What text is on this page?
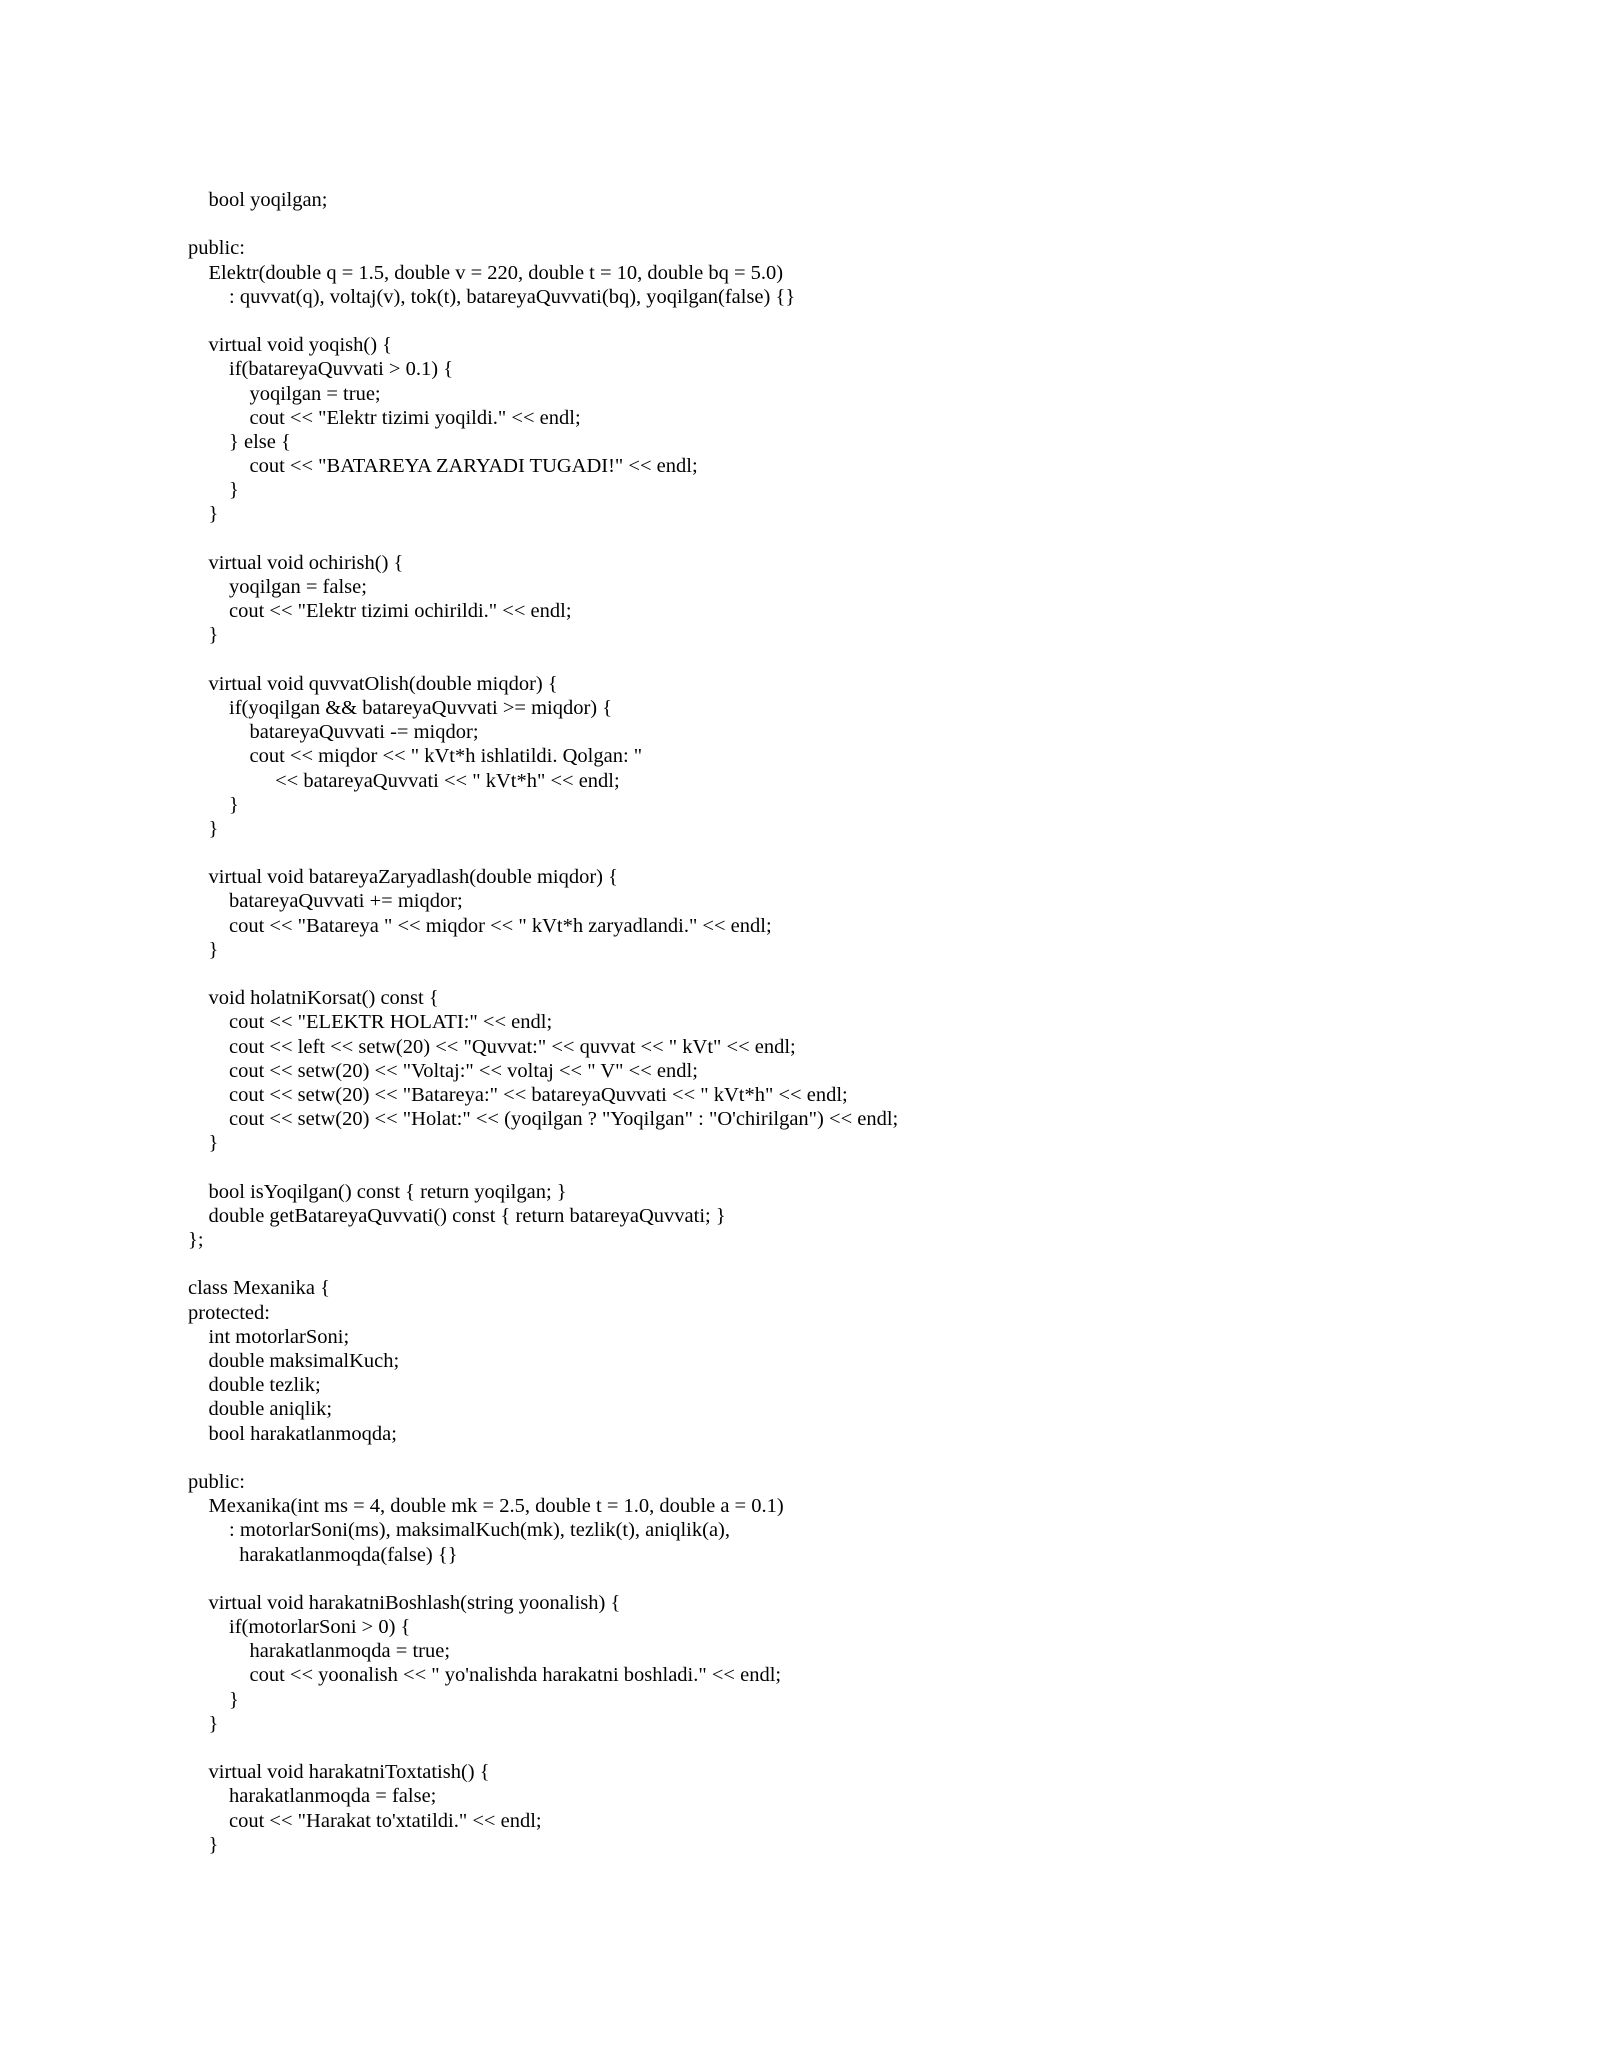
bool yoqilgan;
public:
Elektr(double q = 1.5, double v = 220, double t = 10, double bq = 5.0)
: quvvat(q), voltaj(v), tok(t), batareyaQuvvati(bq), yoqilgan(false) {}
virtual void yoqish() {
if(batareyaQuvvati > 0.1) {
yoqilgan = true;
cout << "Elektr tizimi yoqildi." << endl;
} else {
cout << "BATAREYA ZARYADI TUGADI!" << endl;
}
}
virtual void ochirish() {
yoqilgan = false;
cout << "Elektr tizimi ochirildi." << endl;
}
virtual void quvvatOlish(double miqdor) {
if(yoqilgan && batareyaQuvvati >= miqdor) {
batareyaQuvvati -= miqdor;
cout << miqdor << " kVt*h ishlatildi. Qolgan: "
<< batareyaQuvvati << " kVt*h" << endl;
}
}
virtual void batareyaZaryadlash(double miqdor) {
batareyaQuvvati += miqdor;
cout << "Batareya " << miqdor << " kVt*h zaryadlandi." << endl;
}
void holatniKorsat() const {
cout << "ELEKTR HOLATI:" << endl;
cout << left << setw(20) << "Quvvat:" << quvvat << " kVt" << endl;
cout << setw(20) << "Voltaj:" << voltaj << " V" << endl;
cout << setw(20) << "Batareya:" << batareyaQuvvati << " kVt*h" << endl;
cout << setw(20) << "Holat:" << (yoqilgan ? "Yoqilgan" : "O'chirilgan") << endl;
}
bool isYoqilgan() const { return yoqilgan; }
double getBatareyaQuvvati() const { return batareyaQuvvati; }
};
class Mexanika {
protected:
int motorlarSoni;
double maksimalKuch;
double tezlik;
double aniqlik;
bool harakatlanmoqda;
public:
Mexanika(int ms = 4, double mk = 2.5, double t = 1.0, double a = 0.1)
: motorlarSoni(ms), maksimalKuch(mk), tezlik(t), aniqlik(a),
harakatlanmoqda(false) {}
virtual void harakatniBoshlash(string yoonalish) {
if(motorlarSoni > 0) {
harakatlanmoqda = true;
cout << yoonalish << " yo'nalishda harakatni boshladi." << endl;
}
}
virtual void harakatniToxtatish() {
harakatlanmoqda = false;
cout << "Harakat to'xtatildi." << endl;
}
